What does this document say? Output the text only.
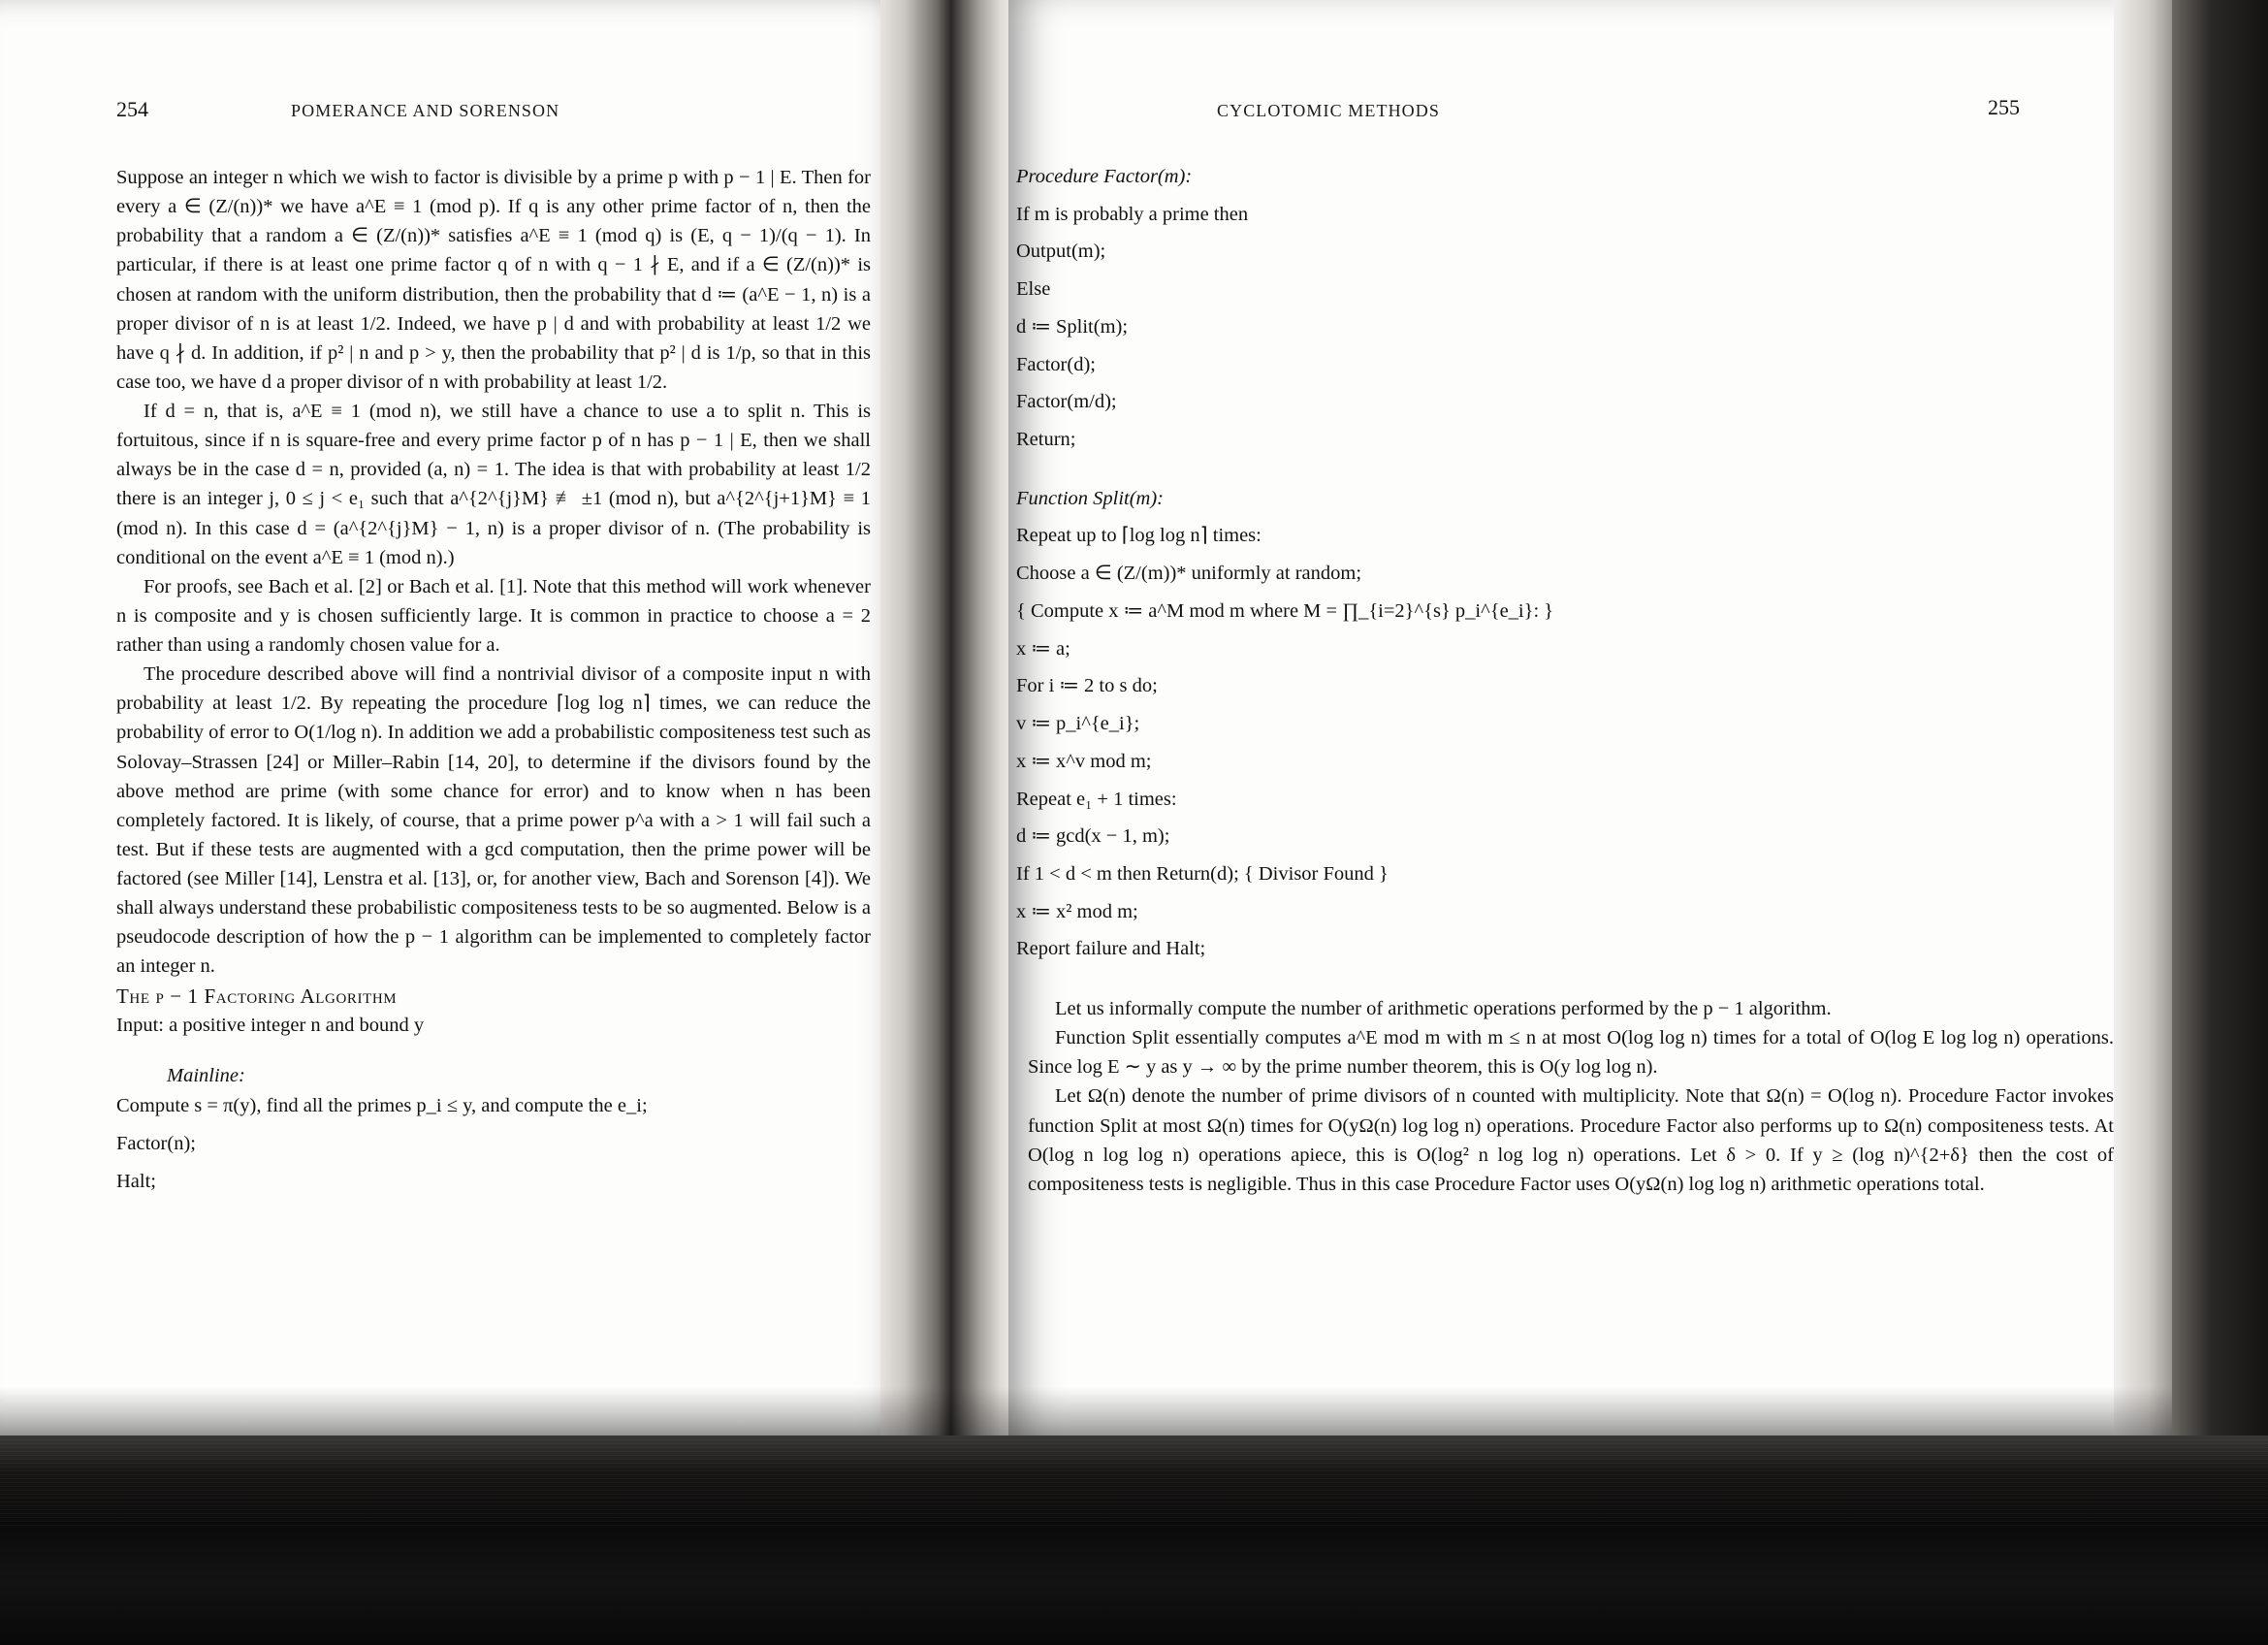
254	POMERANCE AND SORENSON

Suppose an integer n which we wish to factor is divisible by a prime p with p − 1 | E. Then for every a ∈ (Z/(n))* we have a^E ≡ 1 (mod p). If q is any other prime factor of n, then the probability that a random a ∈ (Z/(n))* satisfies a^E ≡ 1 (mod q) is (E, q − 1)/(q − 1). In particular, if there is at least one prime factor q of n with q − 1 ∤ E, and if a ∈ (Z/(n))* is chosen at random with the uniform distribution, then the probability that d ≔ (a^E − 1, n) is a proper divisor of n is at least 1/2. Indeed, we have p | d and with probability at least 1/2 we have q ∤ d. In addition, if p² | n and p > y, then the probability that p² | d is 1/p, so that in this case too, we have d a proper divisor of n with probability at least 1/2.

If d = n, that is, a^E ≡ 1 (mod n), we still have a chance to use a to split n. This is fortuitous, since if n is square-free and every prime factor p of n has p − 1 | E, then we shall always be in the case d = n, provided (a, n) = 1. The idea is that with probability at least 1/2 there is an integer j, 0 ≤ j < e₁ such that a^{2^{j}M} ≢ ±1 (mod n), but a^{2^{j+1}M} ≡ 1 (mod n). In this case d = (a^{2^{j}M} − 1, n) is a proper divisor of n. (The probability is conditional on the event a^E ≡ 1 (mod n).)

For proofs, see Bach et al. [2] or Bach et al. [1]. Note that this method will work whenever n is composite and y is chosen sufficiently large. It is common in practice to choose a = 2 rather than using a randomly chosen value for a.

The procedure described above will find a nontrivial divisor of a composite input n with probability at least 1/2. By repeating the procedure ⌈log log n⌉ times, we can reduce the probability of error to O(1/log n). In addition we add a probabilistic compositeness test such as Solovay–Strassen [24] or Miller–Rabin [14, 20], to determine if the divisors found by the above method are prime (with some chance for error) and to know when n has been completely factored. It is likely, of course, that a prime power p^a with a > 1 will fail such a test. But if these tests are augmented with a gcd computation, then the prime power will be factored (see Miller [14], Lenstra et al. [13], or, for another view, Bach and Sorenson [4]). We shall always understand these probabilistic compositeness tests to be so augmented. Below is a pseudocode description of how the p − 1 algorithm can be implemented to completely factor an integer n.

The p − 1 Factoring Algorithm

Input: a positive integer n and bound y

Mainline:

Compute s = π(y), find all the primes p_i ≤ y, and compute the e_i;

Factor(n);

Halt;

CYCLOTOMIC METHODS	255

Procedure Factor(m):

If m is probably a prime then

Output(m);

Else

d ≔ Split(m);

Factor(d);

Factor(m/d);

Return;

Function Split(m):

Repeat up to ⌈log log n⌉ times:

Choose a ∈ (Z/(m))* uniformly at random;

{ Compute x ≔ a^M mod m where M = ∏_{i=2}^{s} p_i^{e_i}: }

x ≔ a;

For i ≔ 2 to s do;

v ≔ p_i^{e_i};

x ≔ x^v mod m;

Repeat e₁ + 1 times:

d ≔ gcd(x − 1, m);

If 1 < d < m then Return(d); { Divisor Found }

x ≔ x² mod m;

Report failure and Halt;

Let us informally compute the number of arithmetic operations performed by the p − 1 algorithm.

Function Split essentially computes a^E mod m with m ≤ n at most O(log log n) times for a total of O(log E log log n) operations. Since log E ∼ y as y → ∞ by the prime number theorem, this is O(y log log n).

Let Ω(n) denote the number of prime divisors of n counted with multiplicity. Note that Ω(n) = O(log n). Procedure Factor invokes function Split at most Ω(n) times for O(yΩ(n) log log n) operations. Procedure Factor also performs up to Ω(n) compositeness tests. At O(log n log log n) operations apiece, this is O(log² n log log n) operations. Let δ > 0. If y ≥ (log n)^{2+δ} then the cost of compositeness tests is negligible. Thus in this case Procedure Factor uses O(yΩ(n) log log n) arithmetic operations total.
